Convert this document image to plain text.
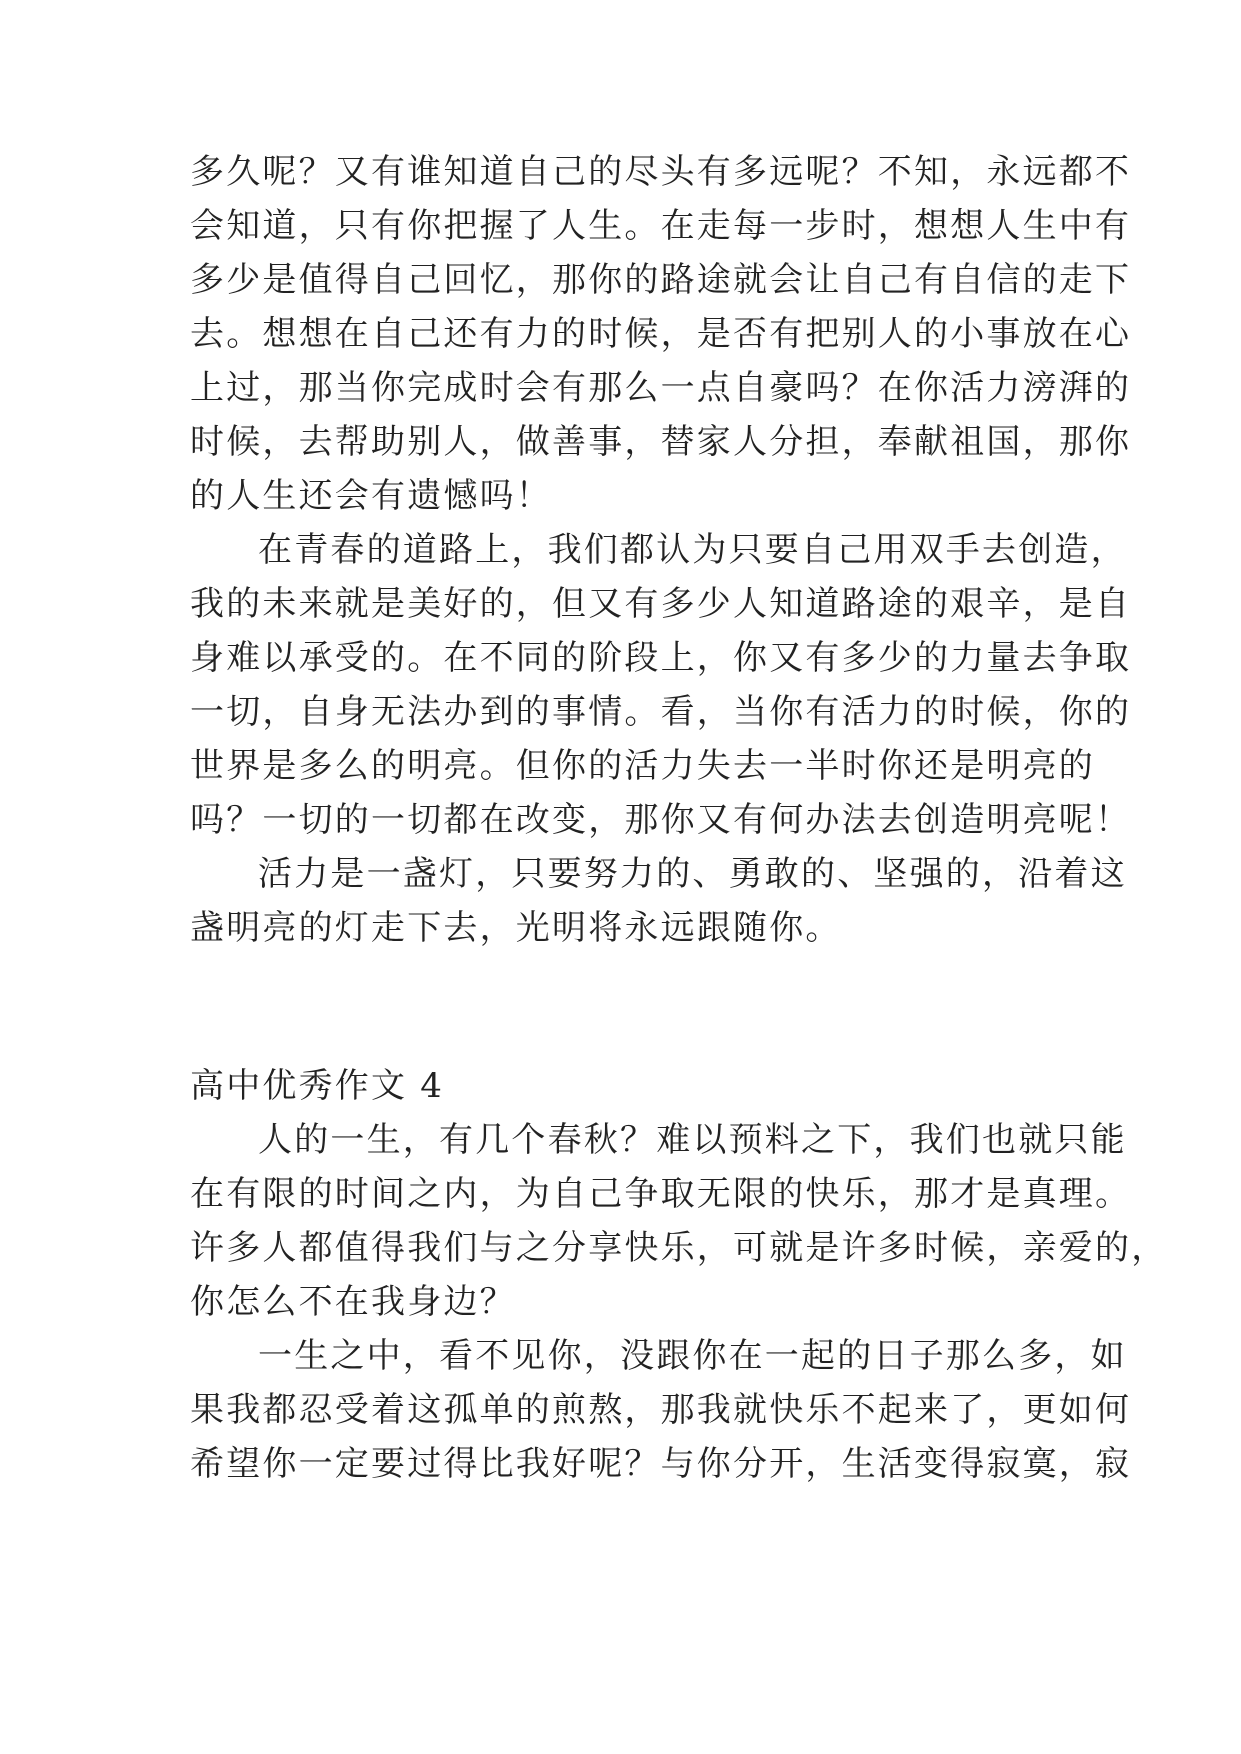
多久呢？又有谁知道自己的尽头有多远呢？不知，永远都不
会知道，只有你把握了人生。在走每一步时，想想人生中有
多少是值得自己回忆，那你的路途就会让自己有自信的走下
去。想想在自己还有力的时候，是否有把别人的小事放在心
上过，那当你完成时会有那么一点自豪吗？在你活力滂湃的
时候，去帮助别人，做善事，替家人分担，奉献祖国，那你
的人生还会有遗憾吗！
在青春的道路上，我们都认为只要自己用双手去创造，
我的未来就是美好的，但又有多少人知道路途的艰辛，是自
身难以承受的。在不同的阶段上，你又有多少的力量去争取
一切，自身无法办到的事情。看，当你有活力的时候，你的
世界是多么的明亮。但你的活力失去一半时你还是明亮的
吗？一切的一切都在改变，那你又有何办法去创造明亮呢！
活力是一盏灯，只要努力的、勇敢的、坚强的，沿着这
盏明亮的灯走下去，光明将永远跟随你。
高中优秀作文 4
人的一生，有几个春秋？难以预料之下，我们也就只能
在有限的时间之内，为自己争取无限的快乐，那才是真理。
许多人都值得我们与之分享快乐，可就是许多时候，亲爱的，
你怎么不在我身边？
一生之中，看不见你，没跟你在一起的日子那么多，如
果我都忍受着这孤单的煎熬，那我就快乐不起来了，更如何
希望你一定要过得比我好呢？与你分开，生活变得寂寞，寂
